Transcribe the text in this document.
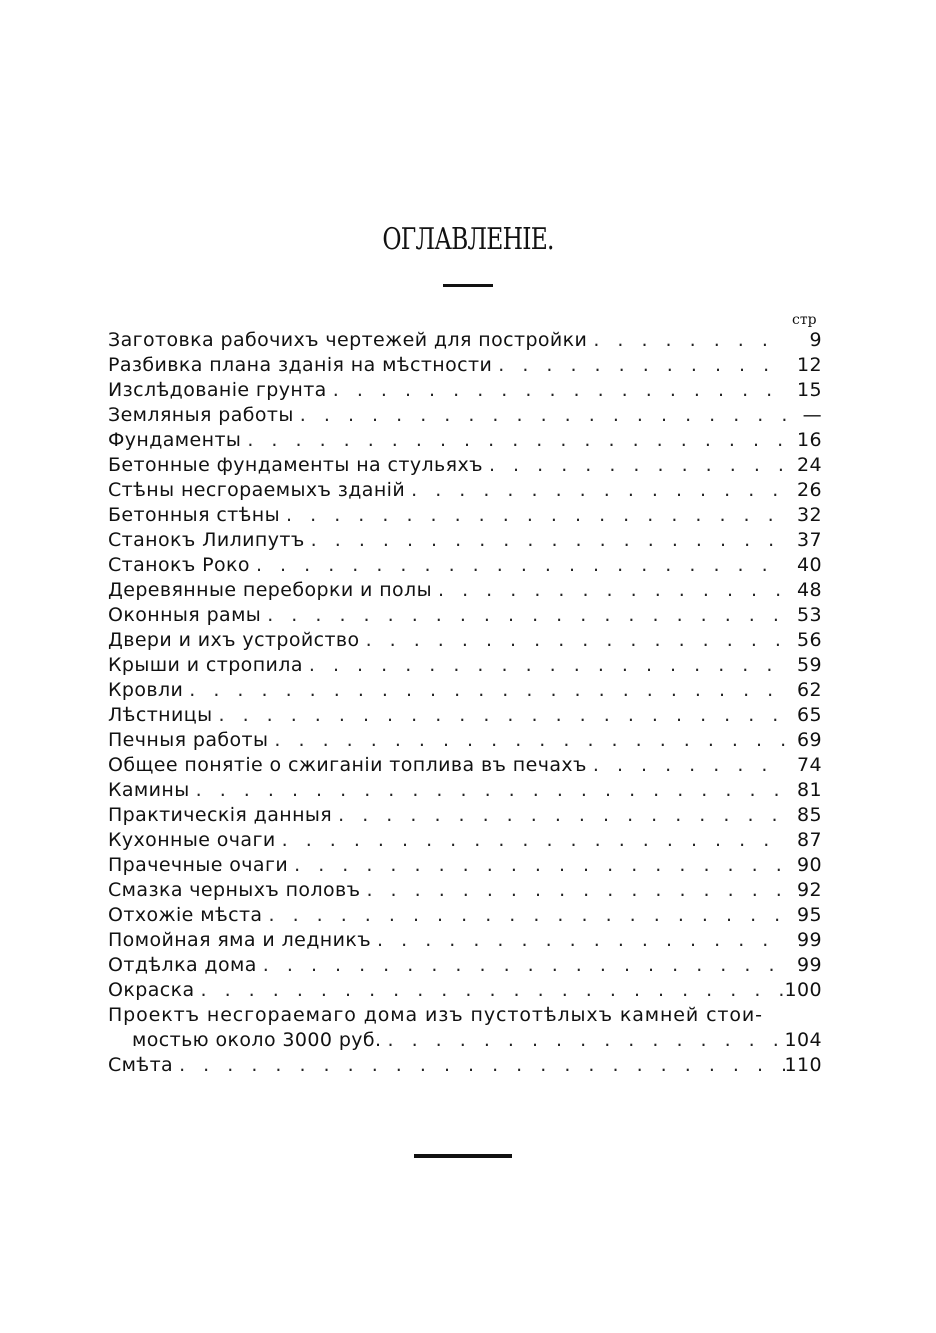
ОГЛАВЛЕНІЕ.
стр
Заготовка рабочихъ чертежей для постройки . . .	9
Разбивка плана зданія на мѣстности . . .	12
Изслѣдованіе грунта . . .	15
Земляныя работы . . .	—
Фундаменты . . .	16
Бетонные фундаменты на стульяхъ . . .	24
Стѣны несгораемыхъ зданій . . .	26
Бетонныя стѣны . . .	32
Станокъ Лилипутъ . . .	37
Станокъ Роко . . .	40
Деревянные переборки и полы . . .	48
Оконныя рамы . . .	53
Двери и ихъ устройство . . .	56
Крыши и стропила . . .	59
Кровли . . .	62
Лѣстницы . . .	65
Печныя работы . . .	69
Общее понятіе о сжиганіи топлива въ печахъ . . .	74
Камины . . .	81
Практическія данныя . . .	85
Кухонные очаги . . .	87
Прачечные очаги . . .	90
Смазка черныхъ половъ . . .	92
Отхожіе мѣста . . .	95
Помойная яма и ледникъ . . .	99
Отдѣлка дома . . .	99
Окраска . . .	100
Проектъ несгораемаго дома изъ пустотѣлыхъ камней стои-
мостью около 3000 руб. . . .	104
Смѣта . . .	110
